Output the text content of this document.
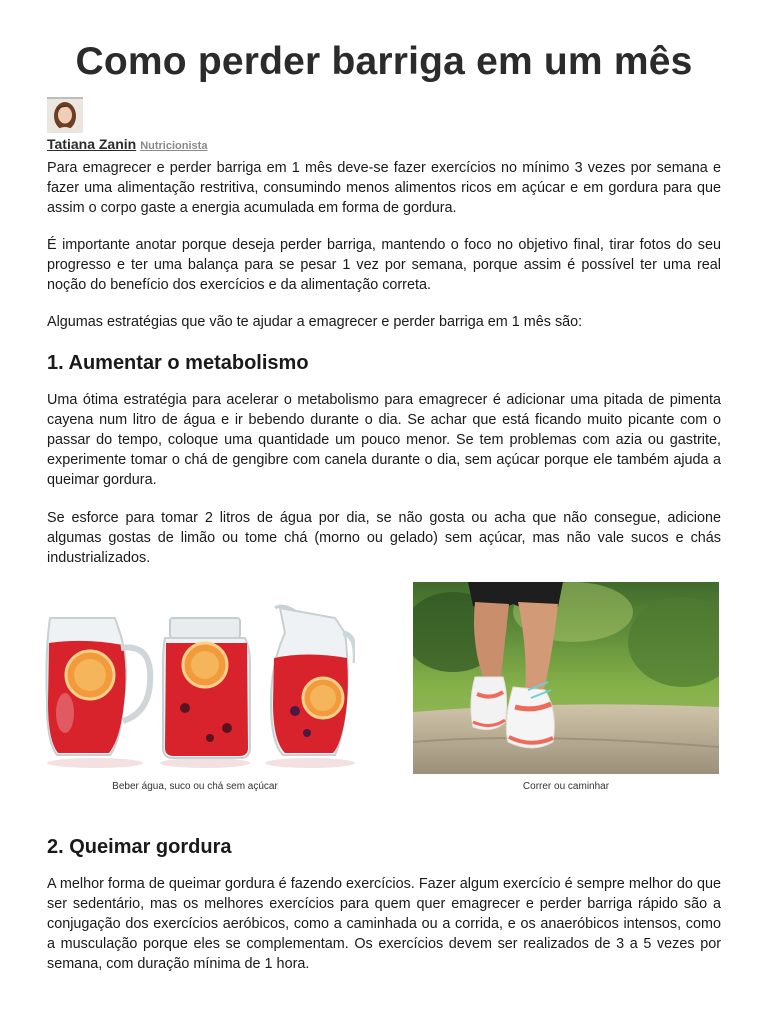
Como perder barriga em um mês
Tatiana Zanin Nutricionista

Para emagrecer e perder barriga em 1 mês deve-se fazer exercícios no mínimo 3 vezes por semana e fazer uma alimentação restritiva, consumindo menos alimentos ricos em açúcar e em gordura para que assim o corpo gaste a energia acumulada em forma de gordura.

É importante anotar porque deseja perder barriga, mantendo o foco no objetivo final, tirar fotos do seu progresso e ter uma balança para se pesar 1 vez por semana, porque assim é possível ter uma real noção do benefício dos exercícios e da alimentação correta.

Algumas estratégias que vão te ajudar a emagrecer e perder barriga em 1 mês são:

1. Aumentar o metabolismo

Uma ótima estratégia para acelerar o metabolismo para emagrecer é adicionar uma pitada de pimenta cayena num litro de água e ir bebendo durante o dia. Se achar que está ficando muito picante com o passar do tempo, coloque uma quantidade um pouco menor. Se tem problemas com azia ou gastrite, experimente tomar o chá de gengibre com canela durante o dia, sem açúcar porque ele também ajuda a queimar gordura.

Se esforce para tomar 2 litros de água por dia, se não gosta ou acha que não consegue, adicione algumas gostas de limão ou tome chá (morno ou gelado) sem açúcar, mas não vale sucos e chás industrializados.

Beber água, suco ou chá sem açúcar	Correr ou caminhar
2. Queimar gordura

A melhor forma de queimar gordura é fazendo exercícios. Fazer algum exercício é sempre melhor do que ser sedentário, mas os melhores exercícios para quem quer emagrecer e perder barriga rápido são a conjugação dos exercícios aeróbicos, como a caminhada ou a corrida, e os anaeróbicos intensos, como a musculação porque eles se complementam. Os exercícios devem ser realizados de 3 a 5 vezes por semana, com duração mínima de 1 hora.
